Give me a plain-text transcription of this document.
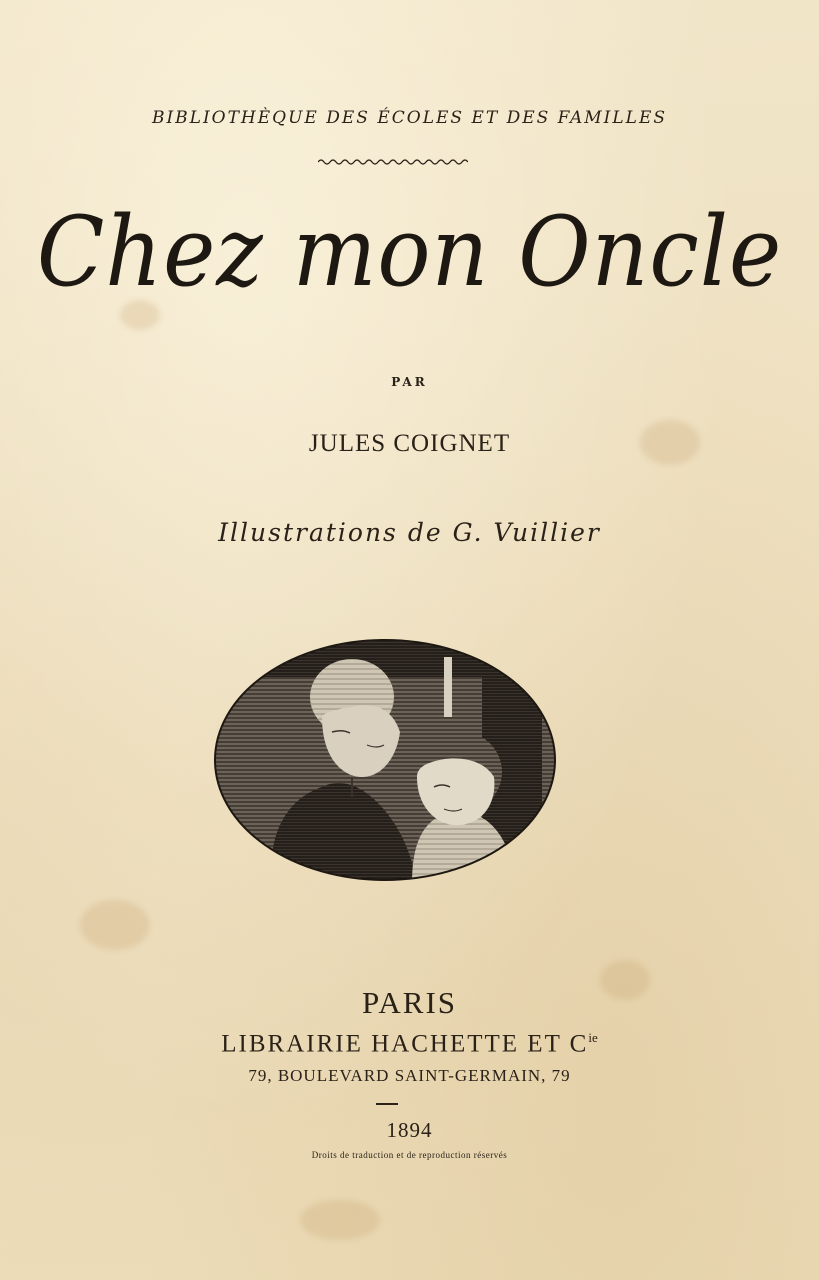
BIBLIOTHÈQUE DES ÉCOLES ET DES FAMILLES
Chez mon Oncle
PAR
JULES COIGNET
Illustrations de G. Vuillier
PARIS
LIBRAIRIE HACHETTE ET $C^{ie}$
79, BOULEVARD SAINT-GERMAIN, 79
1894
Droits de traduction et de reproduction réservés
